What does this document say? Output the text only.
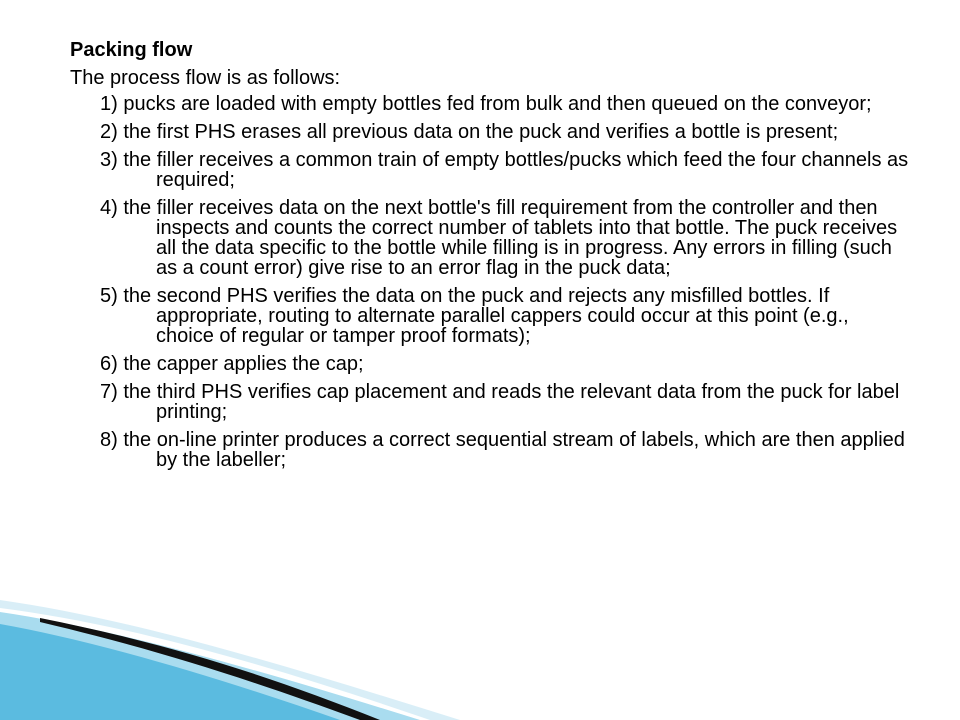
Packing flow

The process flow is as follows:

1) pucks are loaded with empty bottles fed from bulk and then queued on the conveyor;
2) the first PHS erases all previous data on the puck and verifies a bottle is present;
3) the filler receives a common train of empty bottles/pucks which feed the four channels as required;
4) the filler receives data on the next bottle's fill requirement from the controller and then inspects and counts the correct number of tablets into that bottle. The puck receives all the data specific to the bottle while filling is in progress. Any errors in filling (such as a count error) give rise to an error flag in the puck data;
5) the second PHS verifies the data on the puck and rejects any misfilled bottles. If appropriate, routing to alternate parallel cappers could occur at this point (e.g., choice of regular or tamper proof formats);
6) the capper applies the cap;
7) the third PHS verifies cap placement and reads the relevant data from the puck for label printing;
8) the on-line printer produces a correct sequential stream of labels, which are then applied by the labeller;
